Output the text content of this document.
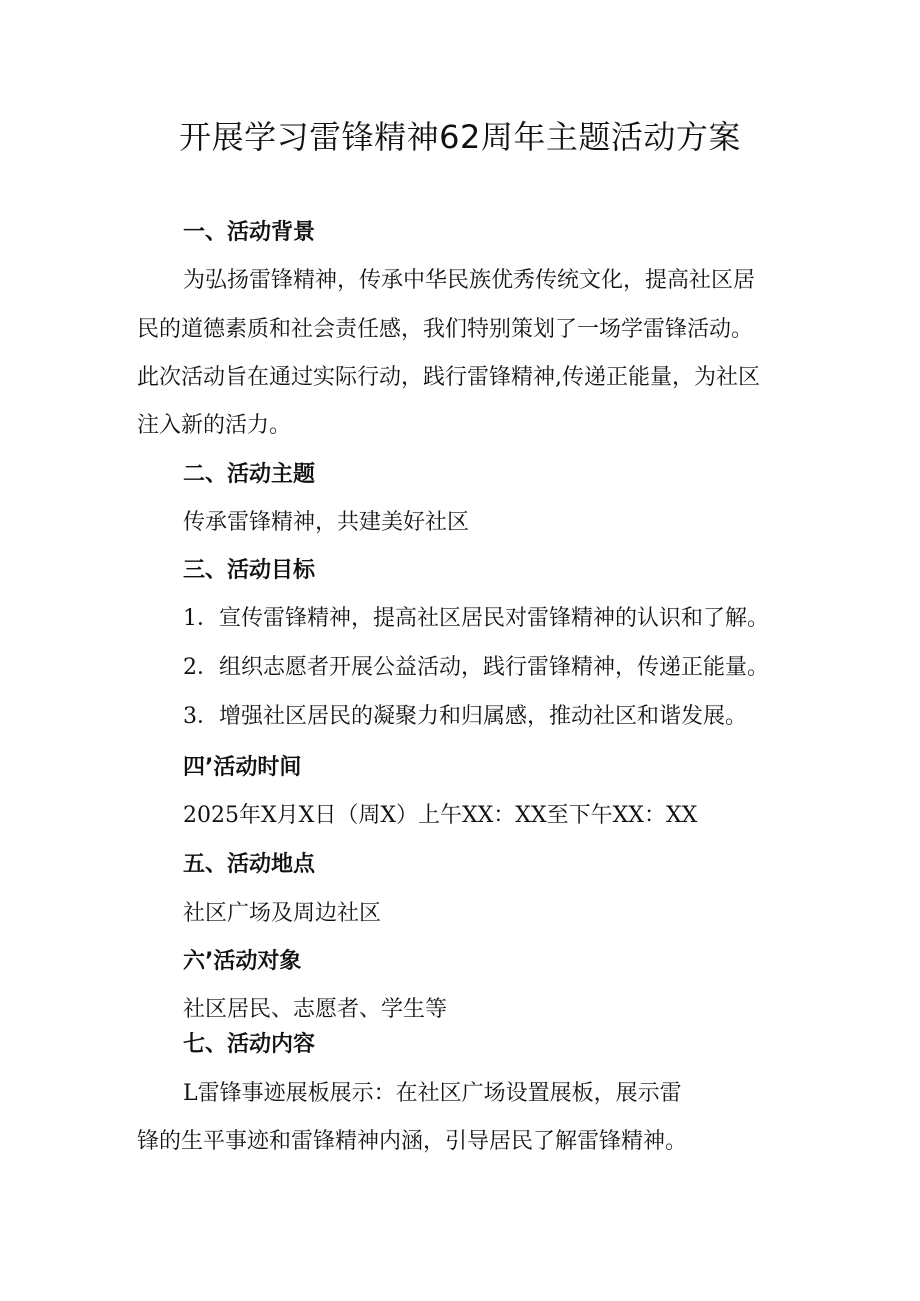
开展学习雷锋精神62周年主题活动方案
一、活动背景
为弘扬雷锋精神，传承中华民族优秀传统文化，提高社区居
民的道德素质和社会责任感，我们特别策划了一场学雷锋活动。
此次活动旨在通过实际行动，践行雷锋精神,传递正能量，为社区
注入新的活力。
二、活动主题
传承雷锋精神，共建美好社区
三、活动目标
1．宣传雷锋精神，提高社区居民对雷锋精神的认识和了解。
2．组织志愿者开展公益活动，践行雷锋精神，传递正能量。
3．增强社区居民的凝聚力和归属感，推动社区和谐发展。
四’活动时间
2025年X月X日（周X）上午XX：XX至下午XX：XX
五、活动地点
社区广场及周边社区
六’活动对象
社区居民、志愿者、学生等
七、活动内容
L雷锋事迹展板展示：在社区广场设置展板，展示雷
锋的生平事迹和雷锋精神内涵，引导居民了解雷锋精神。
